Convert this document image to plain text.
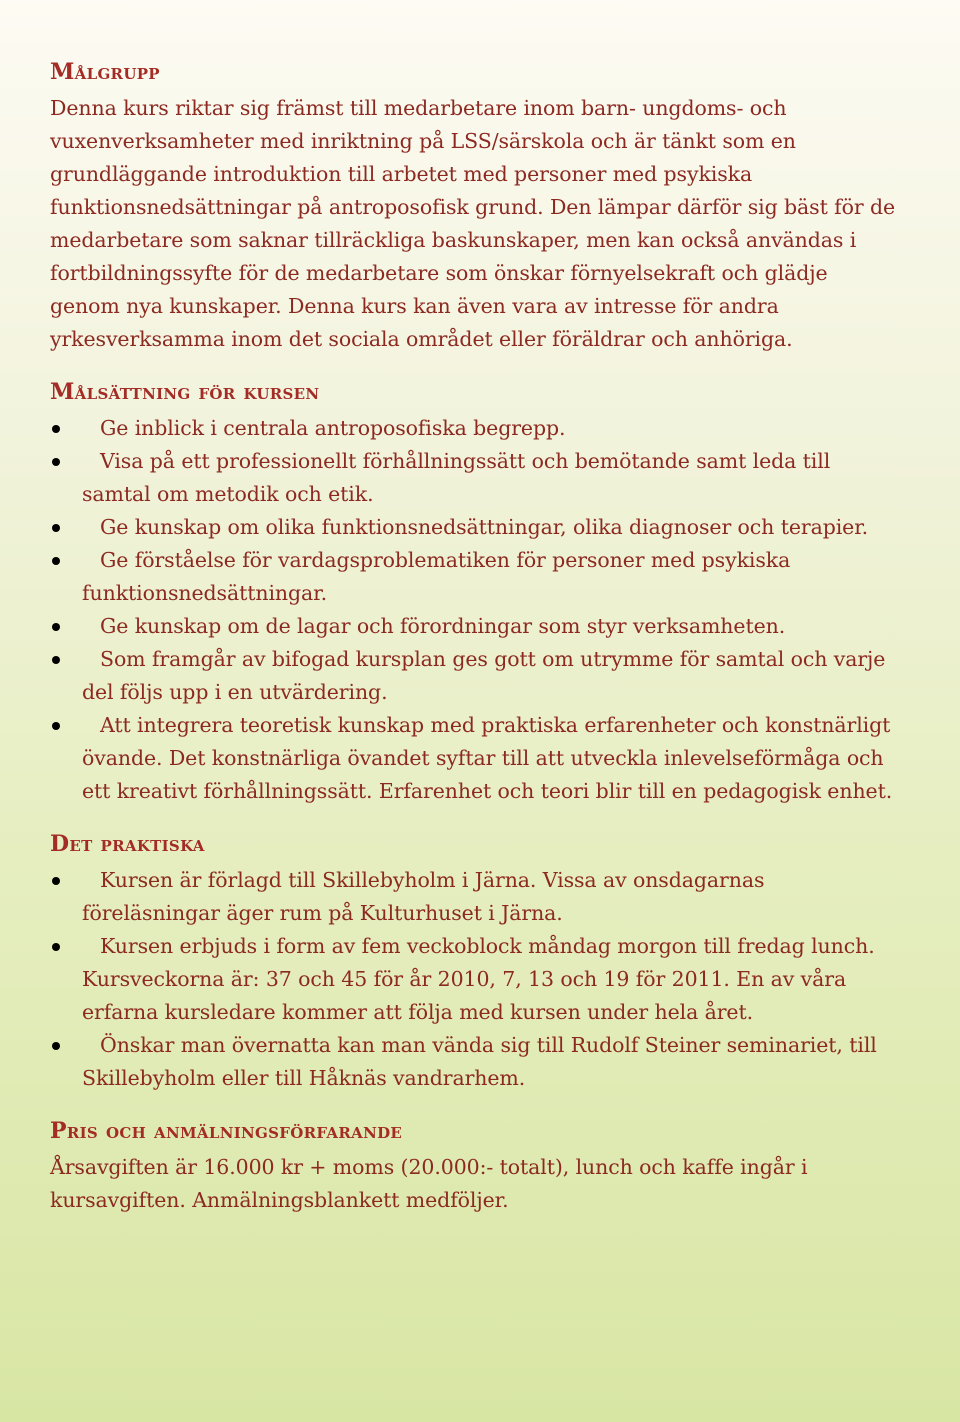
Målgrupp

Denna kurs riktar sig främst till medarbetare inom barn- ungdoms- och vuxenverksamheter med inriktning på LSS/särskola och är tänkt som en grundläggande introduktion till arbetet med personer med psykiska funktionsnedsättningar på antroposofisk grund. Den lämpar därför sig bäst för de medarbetare som saknar tillräckliga baskunskaper, men kan också användas i fortbildningssyfte för de medarbetare som önskar förnyelsekraft och glädje genom nya kunskaper. Denna kurs kan även vara av intresse för andra yrkesverksamma inom det sociala området eller föräldrar och anhöriga.

Målsättning för kursen
Ge inblick i centrala antroposofiska begrepp.
Visa på ett professionellt förhållningssätt och bemötande samt leda till samtal om metodik och etik.
Ge kunskap om olika funktionsnedsättningar, olika diagnoser och terapier.
Ge förståelse för vardagsproblematiken för personer med psykiska funktionsnedsättningar.
Ge kunskap om de lagar och förordningar som styr verksamheten.
Som framgår av bifogad kursplan ges gott om utrymme för samtal och varje del följs upp i en utvärdering.
Att integrera teoretisk kunskap med praktiska erfarenheter och konstnärligt övande. Det konstnärliga övandet syftar till att utveckla inlevelseförmåga och ett kreativt förhållningssätt. Erfarenhet och teori blir till en pedagogisk enhet.
Det praktiska
Kursen är förlagd till Skillebyholm i Järna. Vissa av onsdagarnas föreläsningar äger rum på Kulturhuset i Järna.
Kursen erbjuds i form av fem veckoblock måndag morgon till fredag lunch. Kursveckorna är: 37 och 45 för år 2010, 7, 13 och 19 för 2011. En av våra erfarna kursledare kommer att följa med kursen under hela året.
Önskar man övernatta kan man vända sig till Rudolf Steiner seminariet, till Skillebyholm eller till Håknäs vandrarhem.
Pris och anmälningsförfarande

Årsavgiften är 16.000 kr + moms (20.000:- totalt), lunch och kaffe ingår i kursavgiften. Anmälningsblankett medföljer.
